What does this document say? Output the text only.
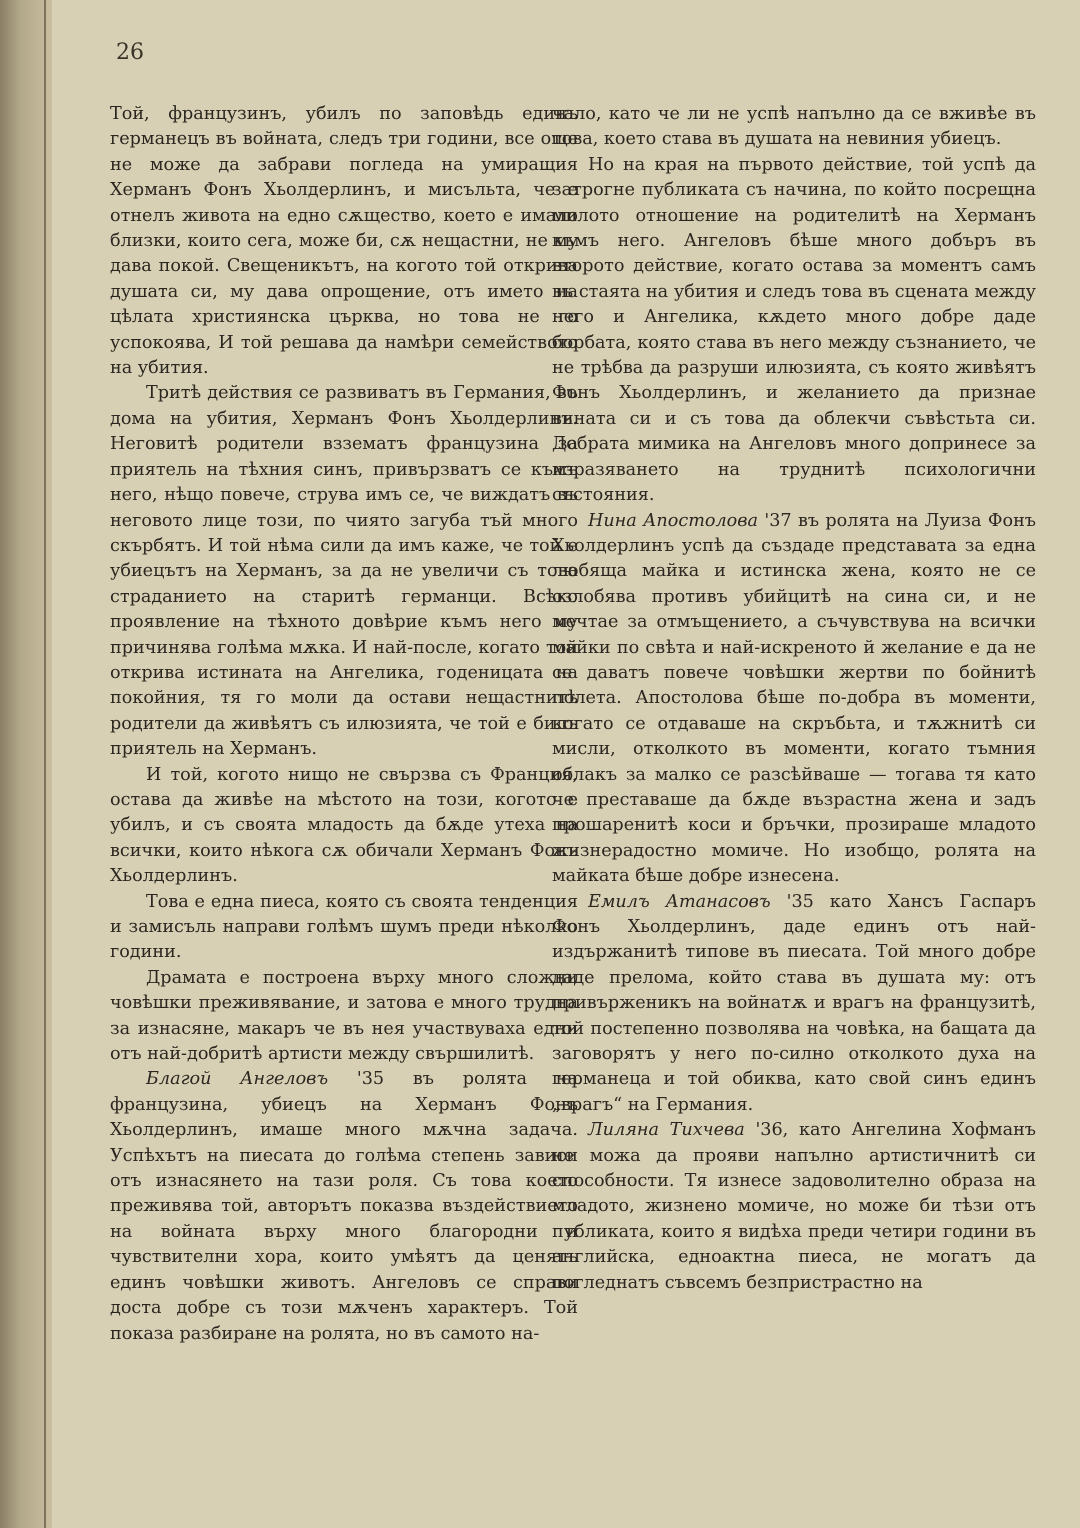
26

Той, французинъ, убилъ по заповѣдь единъ германецъ въ войната, следъ три години, все още не може да забрави погледа на умиращия Херманъ Фонъ Хьолдерлинъ, и мисъльта, че е отнелъ живота на едно сѫщество, което е имало близки, които сега, може би, сѫ нещастни, не му дава покой. Свещеникътъ, на когото той открива душата си, му дава опрощение, отъ името на цѣлата християнска църква, но това не го успокоява, И той решава да намѣри семейството на убития.

Тритѣ действия се развиватъ въ Германия, въ дома на убития, Херманъ Фонъ Хьолдерлинъ. Неговитѣ родители вззематъ французина за приятель на тѣхния синъ, привързватъ се къмъ него, нѣщо повече, струва имъ се, че виждатъ въ неговото лице този, по чиято загуба тъй много скърбятъ. И той нѣма сили да имъ каже, че той е убиецътъ на Херманъ, за да не увеличи съ това страданието на старитѣ германци. Всѣко проявление на тѣхното довѣрие къмъ него му причинява голѣма мѫка. И най-после, когато той открива истината на Ангелика, годеницата на покойния, тя го моли да остави нещастнитѣ родители да живѣятъ съ илюзията, че той е билъ приятель на Херманъ.

И той, когото нищо не свързва съ Франция, остава да живѣе на мѣстото на този, когото е убилъ, и съ своята младость да бѫде утеха на всички, които нѣкога сѫ обичали Херманъ Фонъ Хьолдерлинъ.

Това е една пиеса, която съ своята тенденция и замисъль направи голѣмъ шумъ преди нѣколко години.

Драмата е построена върху много сложни човѣшки преживявание, и затова е много трудна за изнасяне, макаръ че въ нея участвуваха едни отъ най-добритѣ артисти между свършилитѣ.

Благой Ангеловъ '35 въ ролята на французина, убиецъ на Херманъ Фонъ Хьолдерлинъ, имаше много мѫчна задача. Успѣхътъ на пиесата до голѣма степень зависи отъ изнасянето на тази роля. Съ това което преживява той, авторътъ показва въздействието на войната върху много благородни и чувствителни хора, които умѣятъ да ценятъ единъ човѣшки животъ. Ангеловъ се справи доста добре съ този мѫченъ характеръ. Той показа разбиране на ролята, но въ самото на-

чало, като че ли не успѣ напълно да се вживѣе въ това, което става въ душата на невиния убиецъ.

Но на края на първото действие, той успѣ да затрогне публиката съ начина, по който посрещна милото отношение на родителитѣ на Херманъ къмъ него. Ангеловъ бѣше много добъръ въ второто действие, когато остава за моментъ самъ въ стаята на убития и следъ това въ сцената между него и Ангелика, кѫдето много добре даде борбата, която става въ него между съзнанието, че не трѣбва да разруши илюзията, съ която живѣятъ Фонъ Хьолдерлинъ, и желанието да признае вината си и съ това да облекчи съвѣстьта си. Добрата мимика на Ангеловъ много допринесе за изразяването на труднитѣ психологични състояния.

Нина Апостолова '37 въ ролята на Луиза Фонъ Хьолдерлинъ успѣ да създаде представата за една любяща майка и истинска жена, която не се озлобява противъ убийцитѣ на сина си, и не мечтае за отмъщението, а съчувствува на всички майки по свѣта и най-искреното й желание е да не се даватъ повече човѣшки жертви по бойнитѣ полета. Апостолова бѣше по-добра въ моменти, когато се отдаваше на скръбьта, и тѫжнитѣ си мисли, отколкото въ моменти, когато тъмния облакъ за малко се разсѣйваше — тогава тя като че преставаше да бѫде възрастна жена и задъ прошаренитѣ коси и бръчки, прозираше младото жизнерадостно момиче. Но изобщо, ролята на майката бѣше добре изнесена.

Емилъ Атанасовъ '35 като Хансъ Гаспаръ Фонъ Хьолдерлинъ, даде единъ отъ най-издържанитѣ типове въ пиесата. Той много добре даде прелома, който става въ душата му: отъ привърженикъ на войнатѫ и врагъ на французитѣ, той постепенно позволява на човѣка, на бащата да заговорятъ у него по-силно отколкото духа на германеца и той обиква, като свой синъ единъ „врагъ“ на Германия.

Лиляна Тихчева '36, като Ангелина Хофманъ не можа да прояви напълно артистичнитѣ си способности. Тя изнесе задоволително образа на младото, жизнено момиче, но може би тѣзи отъ публиката, които я видѣха преди четири години въ английска, едноактна пиеса, не могатъ да погледнатъ съвсемъ безпристрастно на
